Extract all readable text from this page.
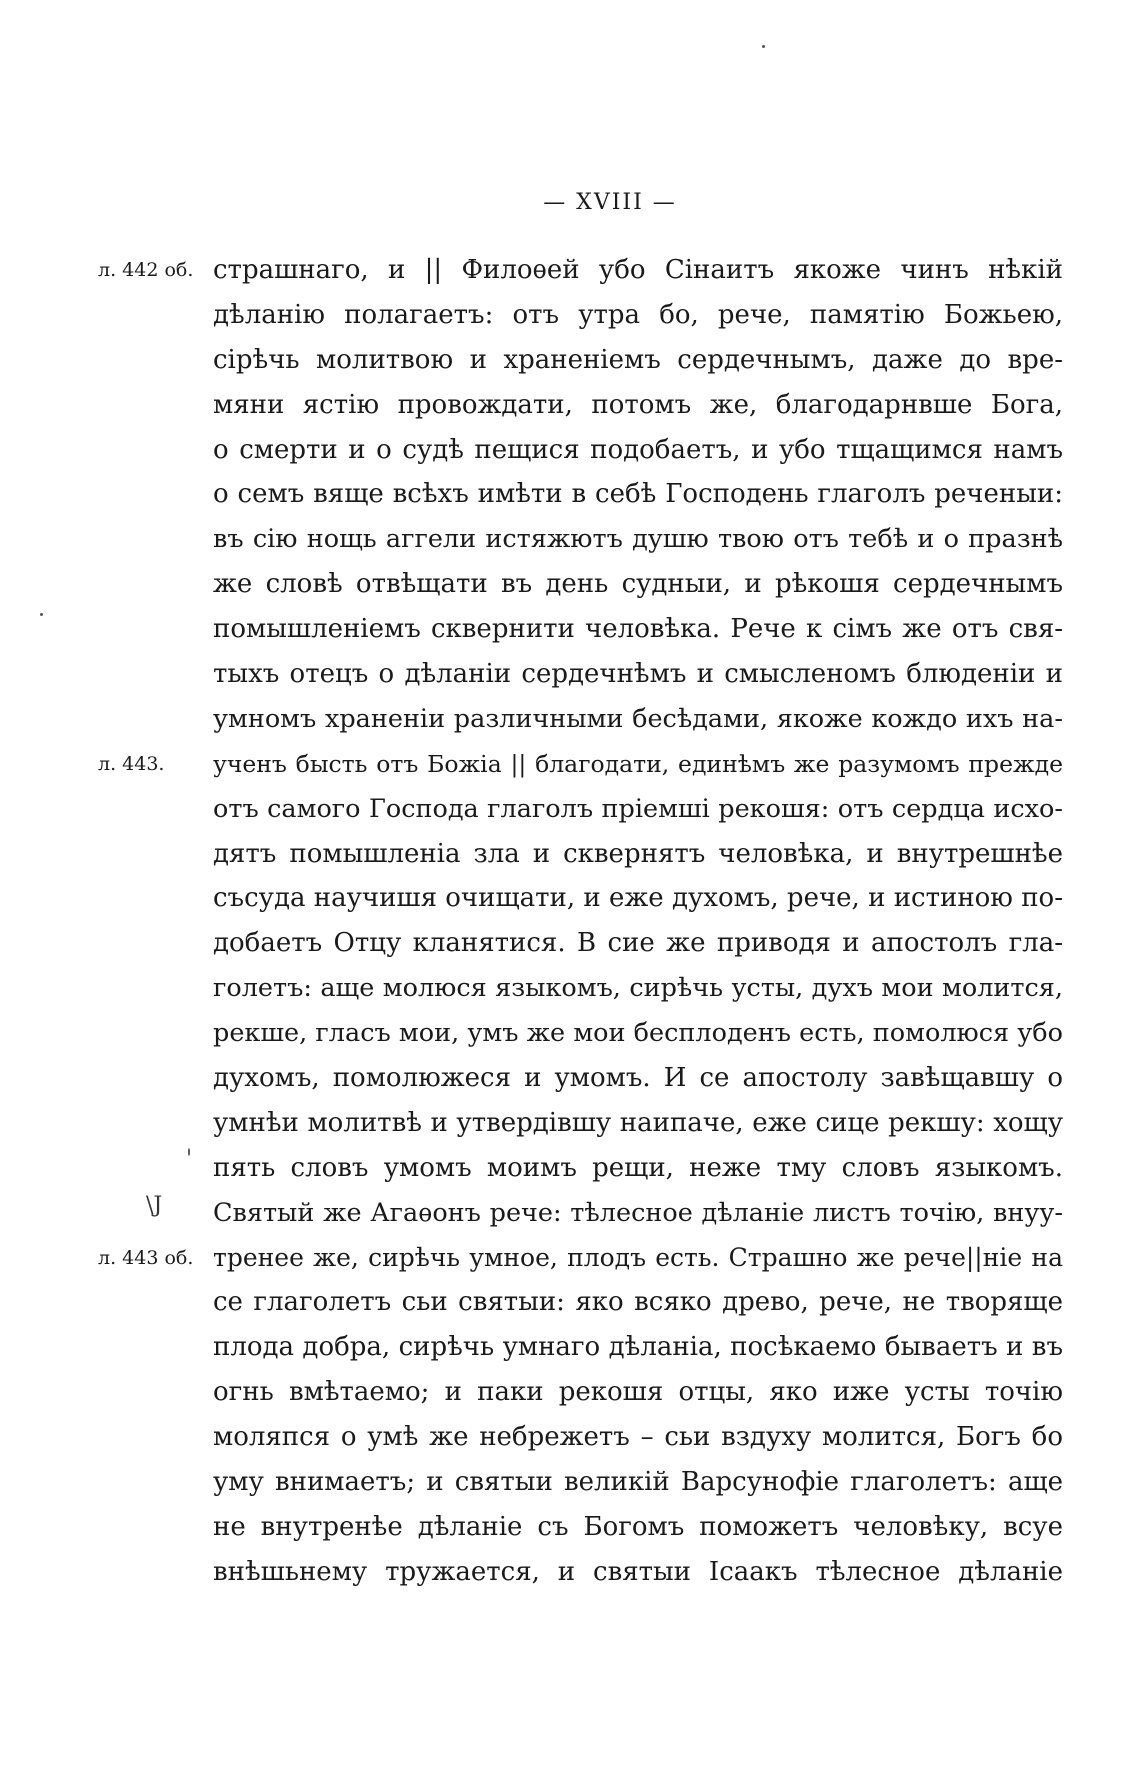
— XVIII —
л. 442 об.
л. 443.
л. 443 об.
\J
страшнаго, и || Филоѳей убо Сінаитъ якоже чинъ нѣкій
дѣланію полагаетъ: отъ утра бо, рече, памятію Божьею,
сірѣчь молитвою и храненіемъ сердечнымъ, даже до вре-
мяни ястію провождати, потомъ же, благодарнвше Бога,
о смерти и о судѣ пещися подобаетъ, и убо тщащимся намъ
о семъ вяще всѣхъ имѣти в себѣ Господень глаголъ реченыи:
въ сію нощь аггели истяжютъ душю твою отъ тебѣ и о празнѣ
же словѣ отвѣщати въ день судныи, и рѣкошя сердечнымъ
помышленіемъ сквернити человѣка. Рече к сімъ же отъ свя-
тыхъ отецъ о дѣланіи сердечнѣмъ и смысленомъ блюденіи и
умномъ храненіи различными бесѣдами, якоже кождо ихъ на-
ученъ бысть отъ Божіа || благодати, единѣмъ же разумомъ прежде
отъ самого Господа глаголъ пріемші рекошя: отъ сердца исхо-
дятъ помышленіа зла и сквернятъ человѣка, и внутрешнѣе
съсуда научишя очищати, и еже духомъ, рече, и истиною по-
добаетъ Отцу кланятися. В сие же приводя и апостолъ гла-
голетъ: аще молюся языкомъ, сирѣчь усты, духъ мои молится,
рекше, гласъ мои, умъ же мои бесплоденъ есть, помолюся убо
духомъ, помолюжеся и умомъ. И се апостолу завѣщавшу о
умнѣи молитвѣ и утвердівшу наипаче, еже сице рекшу: хощу
пять словъ умомъ моимъ рещи, неже тму словъ языкомъ.
Святый же Агаѳонъ рече: тѣлесное дѣланіе листъ точію, внуу-
тренее же, сирѣчь умное, плодъ есть. Страшно же рече||ніе на
се глаголетъ сьи святыи: яко всяко древо, рече, не творяще
плода добра, сирѣчь умнаго дѣланіа, посѣкаемо бываетъ и въ
огнь вмѣтаемо; и паки рекошя отцы, яко иже усты точію
моляпся о умѣ же небрежетъ – сьи вздуху молится, Богъ бо
уму внимаетъ; и святыи великій Варсунофіе глаголетъ: аще
не внутренѣе дѣланіе съ Богомъ поможетъ человѣку, всуе
внѣшьнему тружается, и святыи Ісаакъ тѣлесное дѣланіе
